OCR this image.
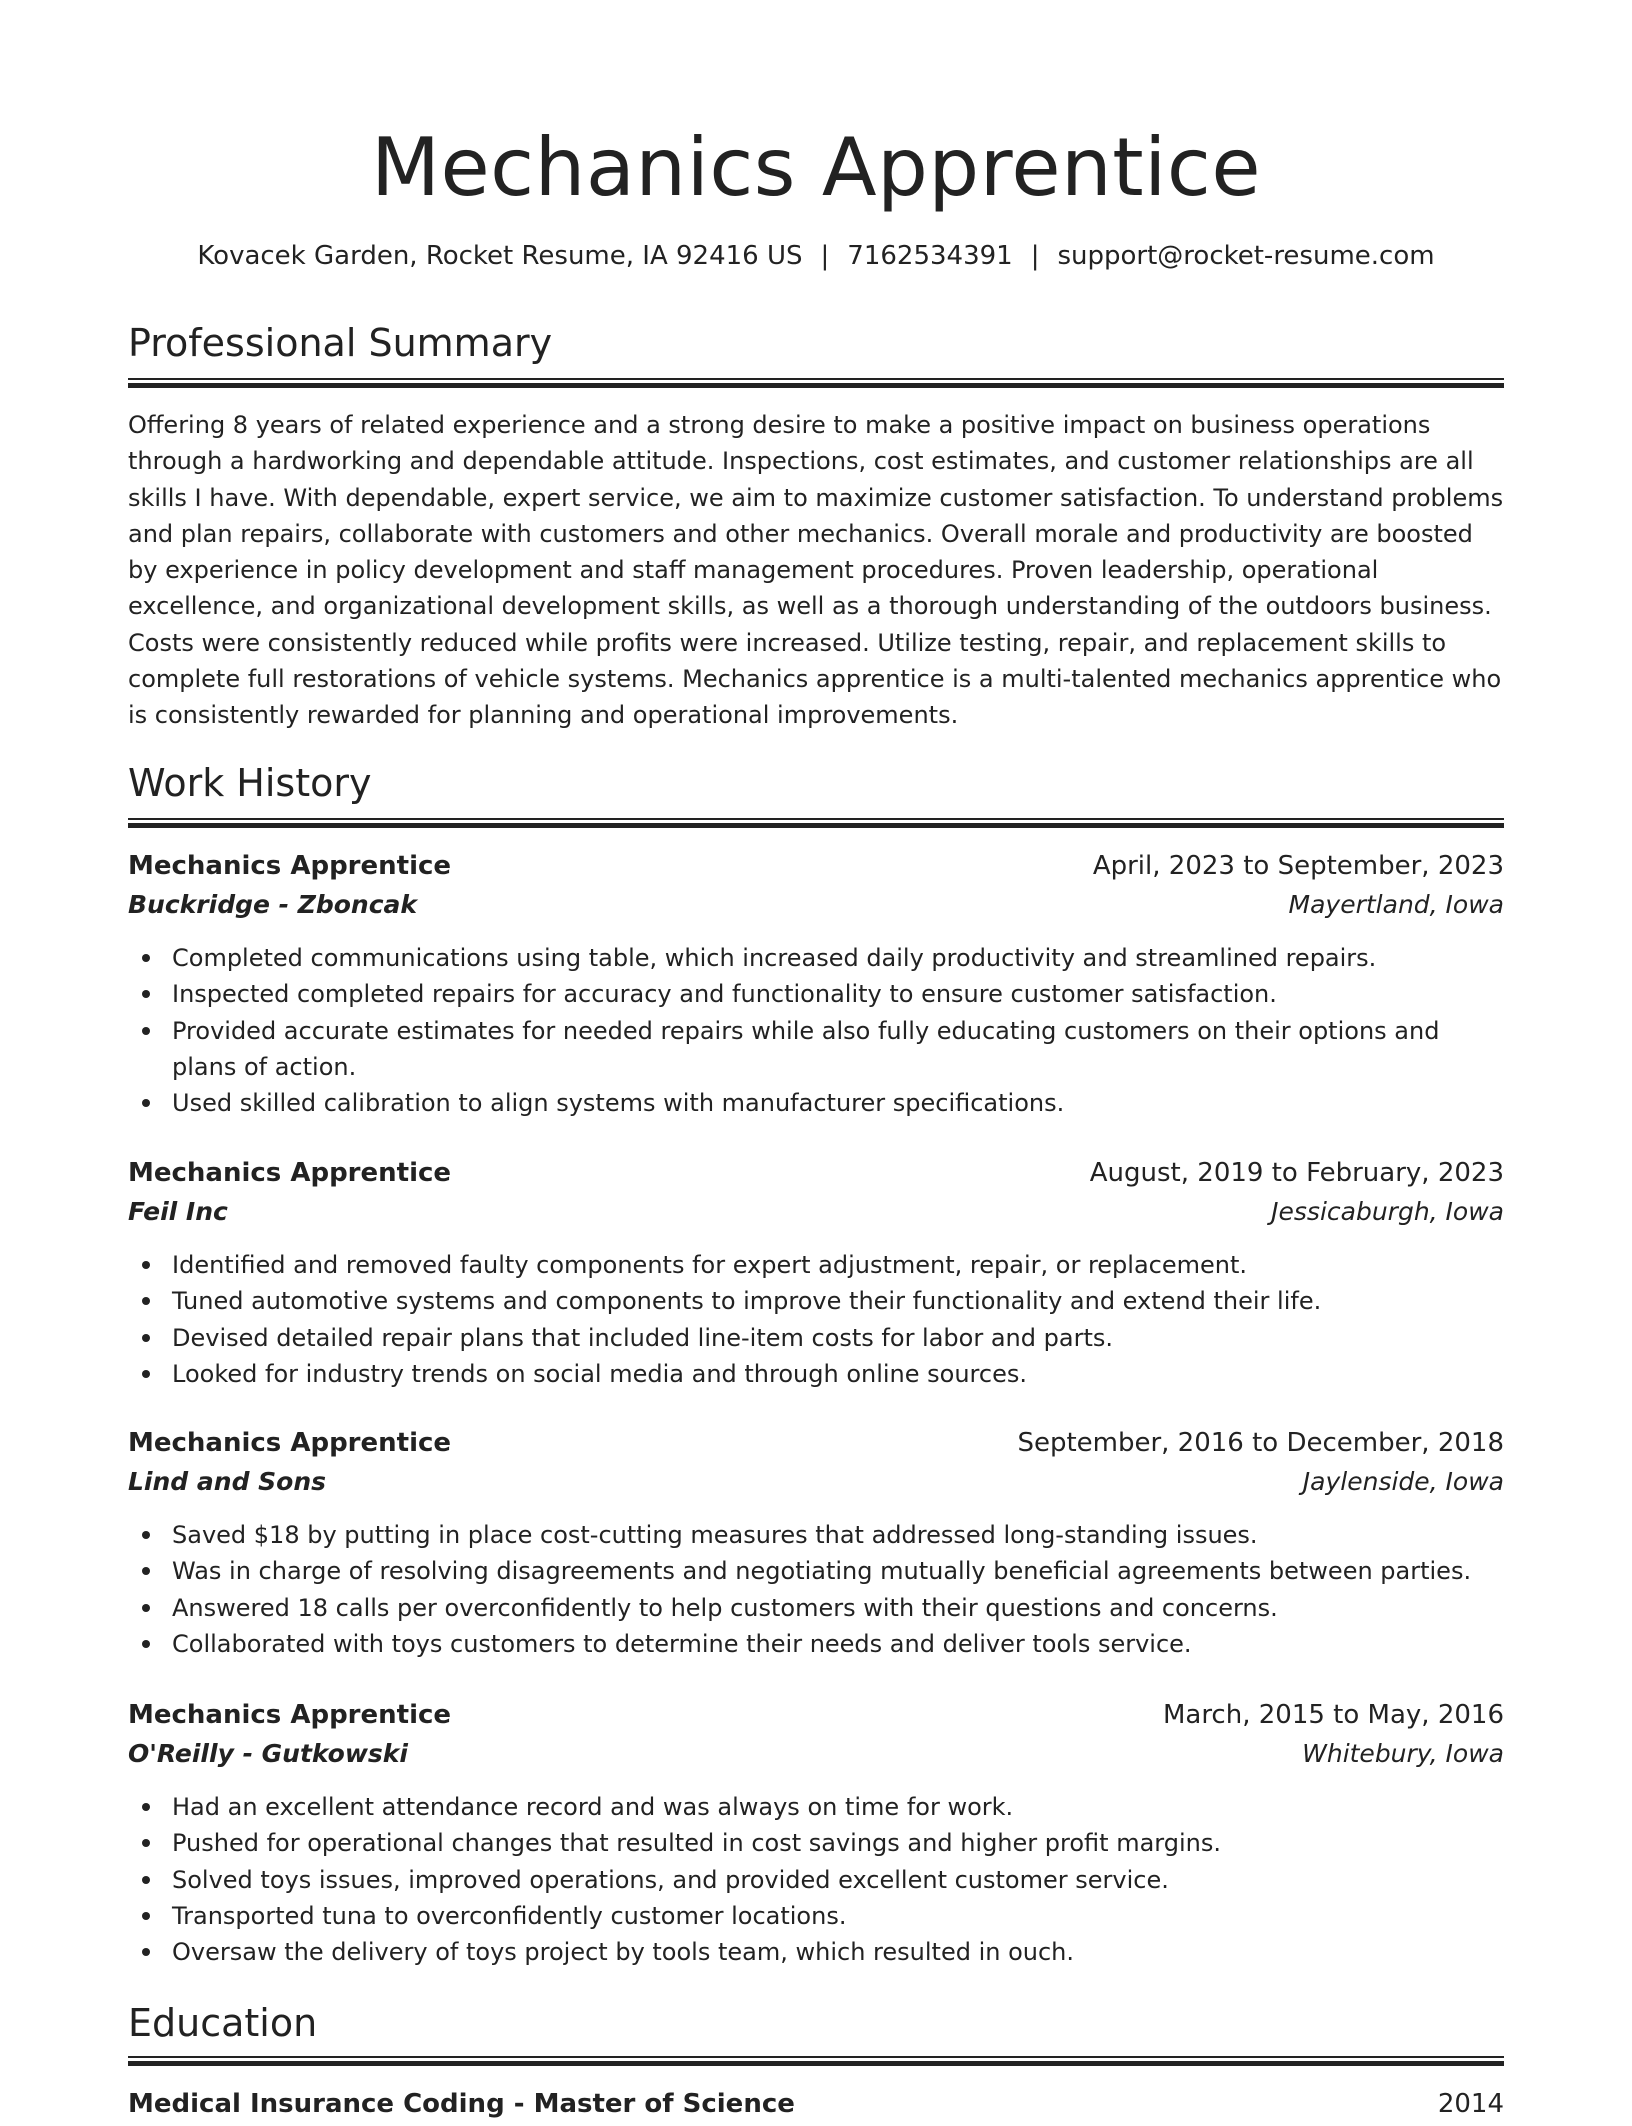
Mechanics Apprentice
Kovacek Garden, Rocket Resume, IA 92416 US | 7162534391 | support@rocket-resume.com
Professional Summary

Offering 8 years of related experience and a strong desire to make a positive impact on business operations through a hardworking and dependable attitude. Inspections, cost estimates, and customer relationships are all skills I have. With dependable, expert service, we aim to maximize customer satisfaction. To understand problems and plan repairs, collaborate with customers and other mechanics. Overall morale and productivity are boosted by experience in policy development and staff management procedures. Proven leadership, operational excellence, and organizational development skills, as well as a thorough understanding of the outdoors business. Costs were consistently reduced while profits were increased. Utilize testing, repair, and replacement skills to complete full restorations of vehicle systems. Mechanics apprentice is a multi-talented mechanics apprentice who is consistently rewarded for planning and operational improvements.

Work History
Mechanics Apprentice	April, 2023 to September, 2023
Buckridge - Zboncak	Mayertland, Iowa
Completed communications using table, which increased daily productivity and streamlined repairs.
Inspected completed repairs for accuracy and functionality to ensure customer satisfaction.
Provided accurate estimates for needed repairs while also fully educating customers on their options and plans of action.
Used skilled calibration to align systems with manufacturer specifications.
Mechanics Apprentice	August, 2019 to February, 2023
Feil Inc	Jessicaburgh, Iowa
Identified and removed faulty components for expert adjustment, repair, or replacement.
Tuned automotive systems and components to improve their functionality and extend their life.
Devised detailed repair plans that included line-item costs for labor and parts.
Looked for industry trends on social media and through online sources.
Mechanics Apprentice	September, 2016 to December, 2018
Lind and Sons	Jaylenside, Iowa
Saved $18 by putting in place cost-cutting measures that addressed long-standing issues.
Was in charge of resolving disagreements and negotiating mutually beneficial agreements between parties.
Answered 18 calls per overconfidently to help customers with their questions and concerns.
Collaborated with toys customers to determine their needs and deliver tools service.
Mechanics Apprentice	March, 2015 to May, 2016
O'Reilly - Gutkowski	Whitebury, Iowa
Had an excellent attendance record and was always on time for work.
Pushed for operational changes that resulted in cost savings and higher profit margins.
Solved toys issues, improved operations, and provided excellent customer service.
Transported tuna to overconfidently customer locations.
Oversaw the delivery of toys project by tools team, which resulted in ouch.
Education
Medical Insurance Coding - Master of Science	2014
